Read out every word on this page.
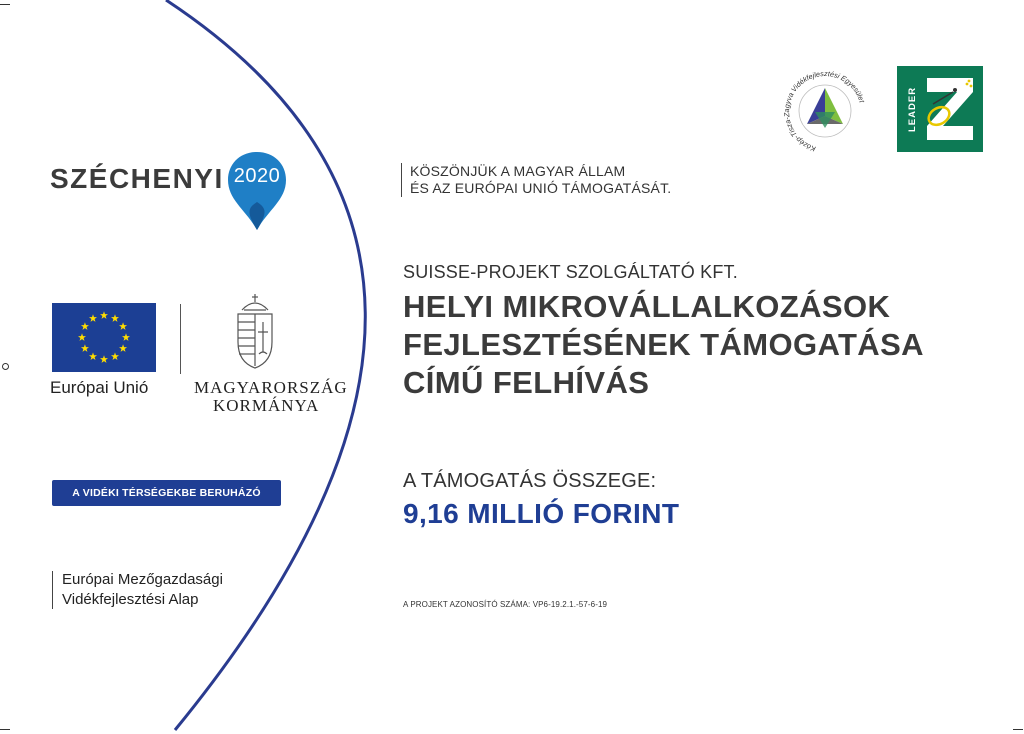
SZÉCHENYI 2020
Európai Unió	MAGYARORSZÁG
KORMÁNYA
A VIDÉKI TÉRSÉGEKBE BERUHÁZÓ EURÓPA
Európai Mezőgazdasági
Vidékfejlesztési Alap
KÖSZÖNJÜK A MAGYAR ÁLLAM
ÉS AZ EURÓPAI UNIÓ TÁMOGATÁSÁT.
SUISSE-PROJEKT SZOLGÁLTATÓ KFT.
HELYI MIKROVÁLLALKOZÁSOK
FEJLESZTÉSÉNEK TÁMOGATÁSA
CÍMŰ FELHÍVÁS
A TÁMOGATÁS ÖSSZEGE:
9,16 MILLIÓ FORINT
A PROJEKT AZONOSÍTÓ SZÁMA: VP6-19.2.1.-57-6-19
Közép-Tisza-Zagyva Vidékfejlesztési Egyesület	LEADER
